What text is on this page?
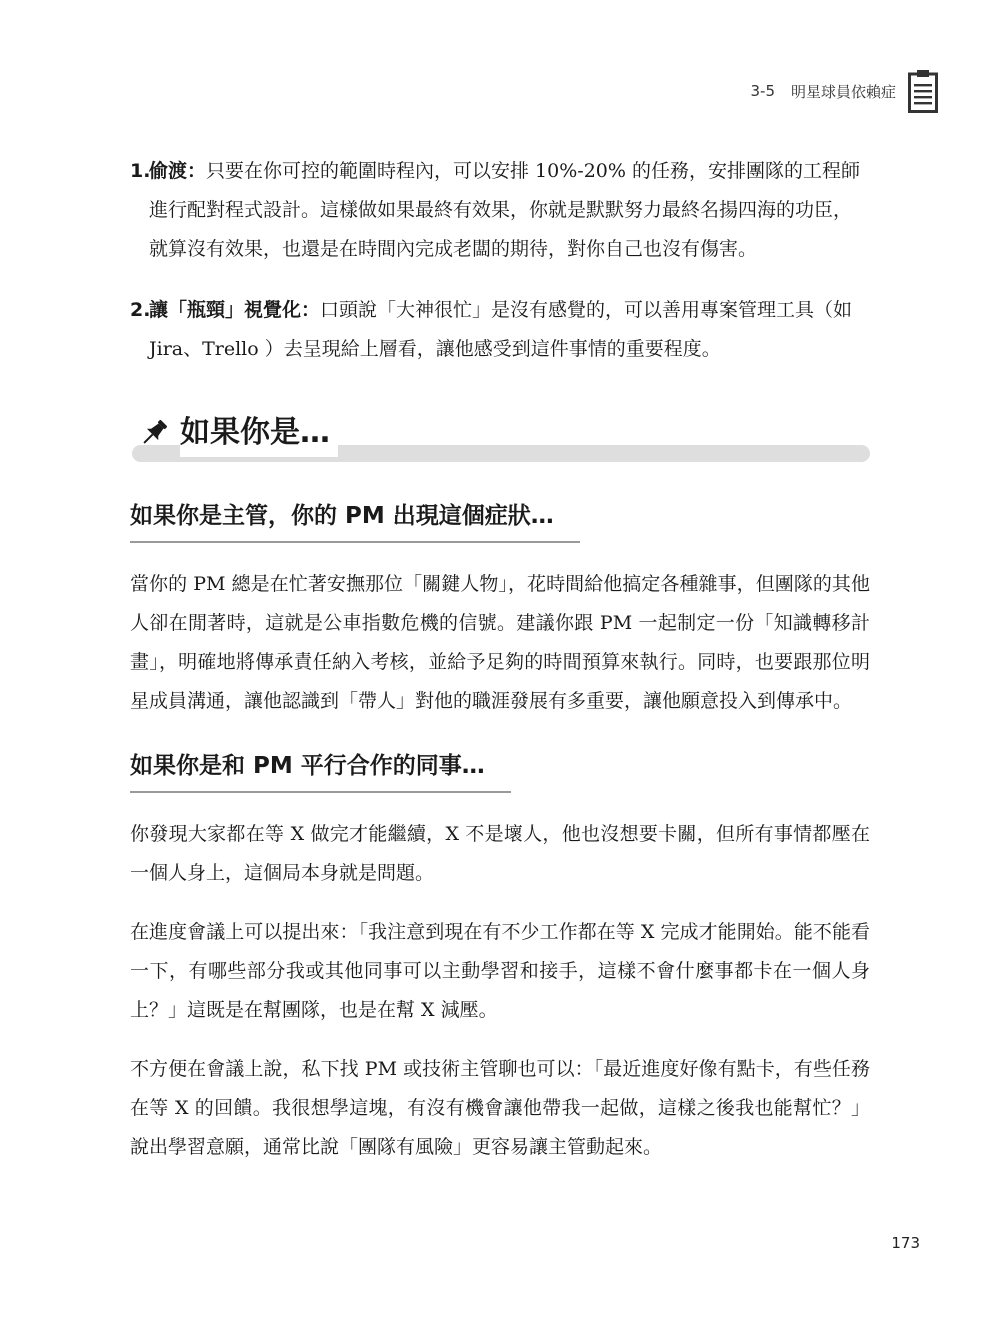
3-5 明星球員依賴症
1.
偷渡：只要在你可控的範圍時程內，可以安排 10%-20% 的任務，安排團隊的工程師進行配對程式設計。這樣做如果最終有效果，你就是默默努力最終名揚四海的功臣，就算沒有效果，也還是在時間內完成老闆的期待，對你自己也沒有傷害。
2.
讓「瓶頸」視覺化：口頭說「大神很忙」是沒有感覺的，可以善用專案管理工具（如 Jira、Trello ）去呈現給上層看，讓他感受到這件事情的重要程度。
如果你是…
如果你是主管，你的 PM 出現這個症狀…

當你的 PM 總是在忙著安撫那位「關鍵人物」，花時間給他搞定各種雜事，但團隊的其他人卻在閒著時，這就是公車指數危機的信號。建議你跟 PM 一起制定一份「知識轉移計畫」，明確地將傳承責任納入考核，並給予足夠的時間預算來執行。同時，也要跟那位明星成員溝通，讓他認識到「帶人」對他的職涯發展有多重要，讓他願意投入到傳承中。

如果你是和 PM 平行合作的同事…

你發現大家都在等 X 做完才能繼續，X 不是壞人，他也沒想要卡關，但所有事情都壓在一個人身上，這個局本身就是問題。

在進度會議上可以提出來：「我注意到現在有不少工作都在等 X 完成才能開始。能不能看一下，有哪些部分我或其他同事可以主動學習和接手，這樣不會什麼事都卡在一個人身上？」這既是在幫團隊，也是在幫 X 減壓。

不方便在會議上說，私下找 PM 或技術主管聊也可以：「最近進度好像有點卡，有些任務在等 X 的回饋。我很想學這塊，有沒有機會讓他帶我一起做，這樣之後我也能幫忙？」說出學習意願，通常比說「團隊有風險」更容易讓主管動起來。

173
